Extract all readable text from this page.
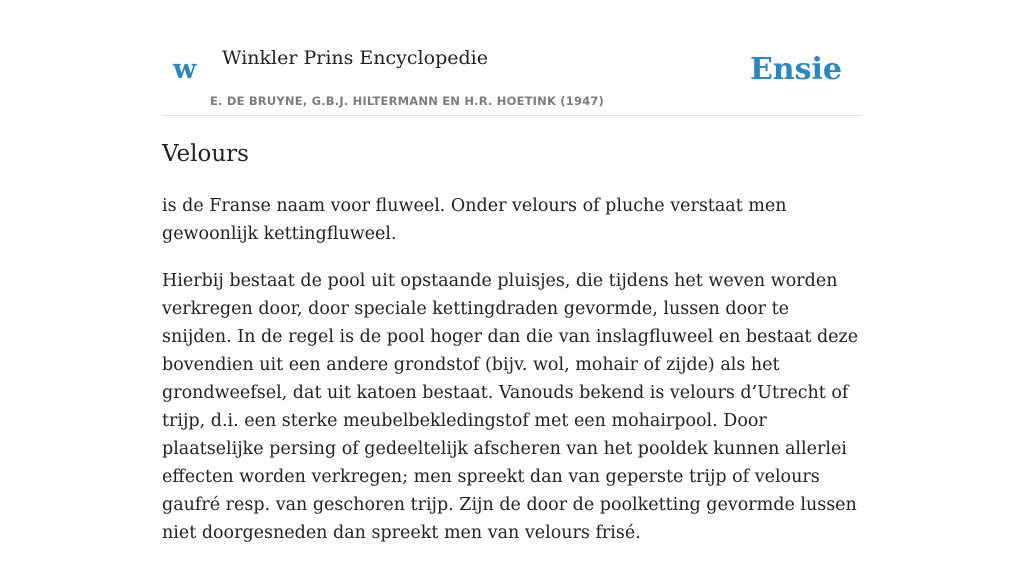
w Winkler Prins Encyclopedie
E. DE BRUYNE, G.B.J. HILTERMANN EN H.R. HOETINK (1947)
Ensie
Velours

is de Franse naam voor fluweel. Onder velours of pluche verstaat men gewoonlijk kettingfluweel.

Hierbij bestaat de pool uit opstaande pluisjes, die tijdens het weven worden verkregen door, door speciale kettingdraden gevormde, lussen door te snijden. In de regel is de pool hoger dan die van inslagfluweel en bestaat deze bovendien uit een andere grondstof (bijv. wol, mohair of zijde) als het grondweefsel, dat uit katoen bestaat. Vanouds bekend is velours d’Utrecht of trijp, d.i. een sterke meubelbekledingstof met een mohairpool. Door plaatselijke persing of gedeeltelijk afscheren van het pooldek kunnen allerlei effecten worden verkregen; men spreekt dan van geperste trijp of velours gaufré resp. van geschoren trijp. Zijn de door de poolketting gevormde lussen niet doorgesneden dan spreekt men van velours frisé.
